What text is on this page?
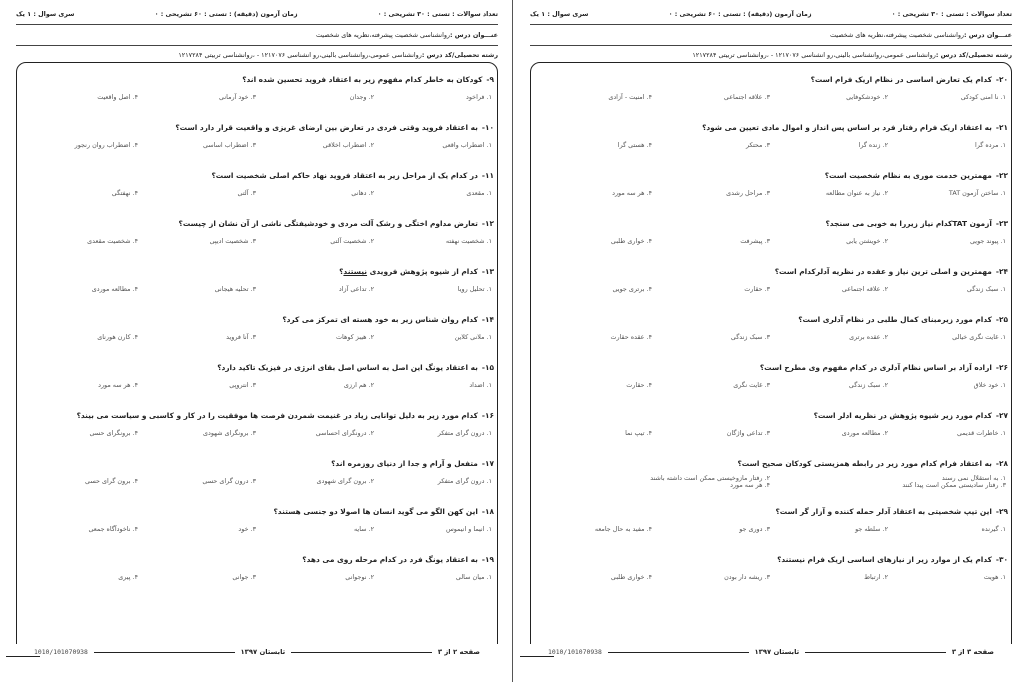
تعداد سوالات : تستی : ۳۰ تشریحی : ۰
زمان آزمون (دقیقه) : تستی : ۶۰ تشریحی : ۰
سری سوال : ۱ یک
عنـــوان درس :
روانشناسی شخصیت پیشرفته،نظریه های شخصیت
رشته تحصیلی/کد درس :
روانشناسی عمومی،روانشناسی بالینی،رو انشناسی ۱۲۱۷۰۷۶ - ،روانشناسی تربیتی ۱۲۱۷۲۸۴
۹-کودکان به خاطر کدام مفهوم زیر به اعتقاد فروید تحسین شده اند؟
۱. فراخود
۲. وجدان
۳. خود آرمانی
۴. اصل واقعیت
۱۰-به اعتقاد فروید وقتی فردی در تعارض بین ارضای غریزی و واقعیت قرار دارد است؟
۱. اضطراب واقعی
۲. اضطراب اخلاقی
۳. اضطراب اساسی
۴. اضطراب روان رنجور
۱۱-در کدام یک از مراحل زیر به اعتقاد فروید نهاد حاکم اصلی شخصیت است؟
۱. مقعدی
۲. دهانی
۳. آلتی
۴. نهفتگی
۱۲-تعارض مداوم اختگی و رشک آلت مردی و خودشیفتگی ناشی از آن نشان از چیست؟
۱. شخصیت نهفته
۲. شخصیت آلتی
۳. شخصیت ادیپی
۴. شخصیت مقعدی
۱۳-کدام از شیوه پژوهش فرویدی نیستند؟
۱. تحلیل رویا
۲. تداعی آزاد
۳. تحلیه هیجانی
۴. مطالعه موردی
۱۴-کدام روان شناس زیر به خود هسته ای تمرکز می کرد؟
۱. ملانی کلاین
۲. هیبز کوهات
۳. آنا فروید
۴. کارن هورنای
۱۵-به اعتقاد یونگ این اصل به اساس اصل بقای انرژی در فیزیک تاکید دارد؟
۱. اضداد
۲. هم ارزی
۳. انتروپی
۴. هر سه مورد
۱۶-کدام مورد زیر به دلیل توانایی زیاد در غنیمت شمردن فرصت ها موفقیت را در کار و کاسبی و سیاست می بیند؟
۱. درون گرای متفکر
۲. درونگرای احساسی
۳. برونگرای شهودی
۴. برونگرای حسی
۱۷-متفعل و آرام و جدا از دنیای روزمره اند؟
۱. درون گرای متفکر
۲. برون گرای شهودی
۳. درون گرای حسی
۴. برون گرای حسی
۱۸-این کهن الگو می گوید انسان ها اصولا دو جنسی هستند؟
۱. انیما و انیموس
۲. سایه
۳. خود
۴. ناخودآگاه جمعی
۱۹-به اعتقاد یونگ فرد در کدام مرحله روی می دهد؟
۱. میان سالی
۲. نوجوانی
۳. جوانی
۴. پیری
صفحه ۲ از ۳
تابستان ۱۳۹۷
1010/101070938
تعداد سوالات : تستی : ۳۰ تشریحی : ۰
زمان آزمون (دقیقه) : تستی : ۶۰ تشریحی : ۰
سری سوال : ۱ یک
عنـــوان درس :
روانشناسی شخصیت پیشرفته،نظریه های شخصیت
رشته تحصیلی/کد درس :
روانشناسی عمومی،روانشناسی بالینی،رو انشناسی ۱۲۱۷۰۷۶ - ،روانشناسی تربیتی ۱۲۱۷۲۸۴
۲۰-کدام یک تعارض اساسی در نظام اریک فرام است؟
۱. نا امنی کودکی
۲. خودشکوفایی
۳. علاقه اجتماعی
۴. امنیت - آزادی
۲۱-به اعتقاد اریک فرام رفتار فرد بر اساس پس انداز و اموال مادی تعیین می شود؟
۱. مرده گرا
۲. زنده گرا
۳. محتکر
۴. هستی گرا
۲۲-مهمترین خدمت موری به نظام شخصیت است؟
۱. ساختن آزمون TAT
۲. نیاز به عنوان مطالعه
۳. مراحل رشدی
۴. هر سه مورد
۲۳-آزمون TATکدام نیاز زیررا به خوبی می سنجد؟
۱. پیوند جویی
۲. خویشتن یابی
۳. پیشرفت
۴. خواری طلبی
۲۴-مهمترین و اصلی ترین نیاز و عقده در نظریه آدلرکدام است؟
۱. سبک زندگی
۲. علاقه اجتماعی
۳. حقارت
۴. برتری جویی
۲۵-کدام مورد زیرمبنای کمال طلبی در نظام آدلری است؟
۱. غایت نگری خیالی
۲. عقده برتری
۳. سبک زندگی
۴. عقده حقارت
۲۶-اراده آزاد بر اساس نظام آدلری در کدام مفهوم وی مطرح است؟
۱. خود خلاق
۲. سبک زندگی
۳. غایت نگری
۴. حقارت
۲۷-کدام مورد زیر شیوه پژوهش در نظریه ادلر است؟
۱. خاطرات قدیمی
۲. مطالعه موردی
۳. تداعی واژگان
۴. تیپ نما
۲۸-به اعتقاد فرام کدام مورد زیر در رابطه همزیستی کودکان صحیح است؟
۱. به استقلال نمی رسند
۲. رفتار مازوخیستی ممکن است داشته باشند
۳. رفتار سادیستی ممکن است پیدا کنند
۴. هر سه مورد
۲۹-این تیپ شخصیتی به اعتقاد آدلر حمله کننده و آزار گر است؟
۱. گیرنده
۲. سلطه جو
۳. دوری جو
۴. مفید به حال جامعه
۳۰-کدام یک از موارد زیر از نیازهای اساسی اریک فرام نیستند؟
۱. هویت
۲. ارتباط
۳. ریشه دار بودن
۴. خواری طلبی
صفحه ۳ از ۳
تابستان ۱۳۹۷
1010/101070938
